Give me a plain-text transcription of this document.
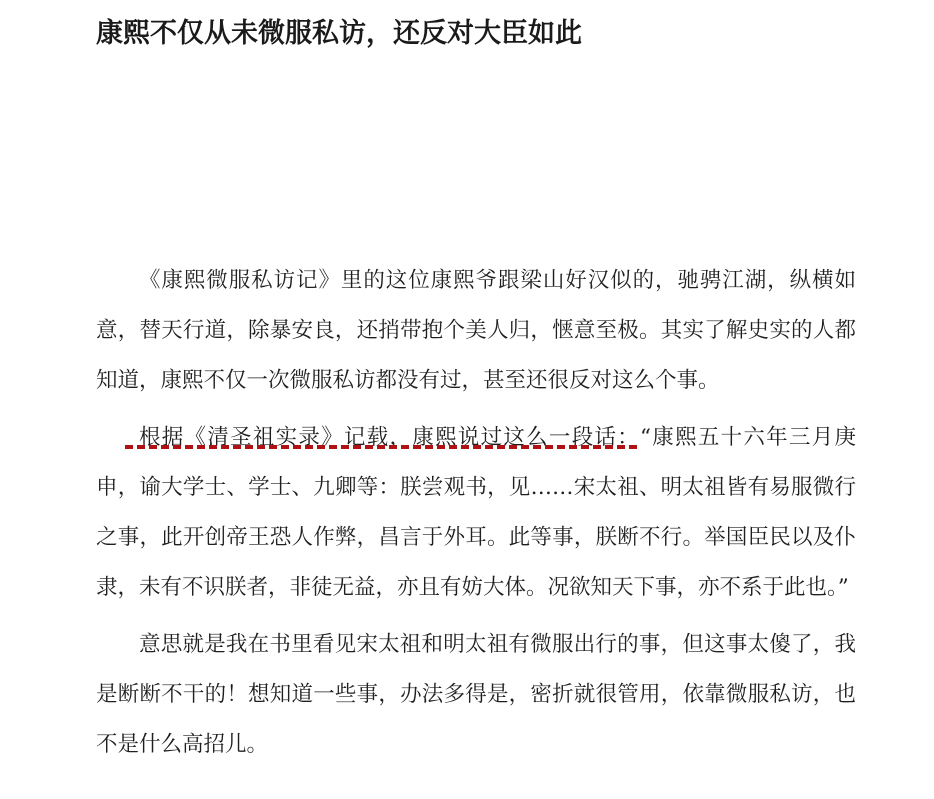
康熙不仅从未微服私访，还反对大臣如此

《康熙微服私访记》里的这位康熙爷跟梁山好汉似的，驰骋江湖，纵横如意，替天行道，除暴安良，还捎带抱个美人归，惬意至极。其实了解史实的人都知道，康熙不仅一次微服私访都没有过，甚至还很反对这么个事。

根据《清圣祖实录》记载，康熙说过这么一段话：“康熙五十六年三月庚申，谕大学士、学士、九卿等：朕尝观书，见……宋太祖、明太祖皆有易服微行之事，此开创帝王恐人作弊，昌言于外耳。此等事，朕断不行。举国臣民以及仆隶，未有不识朕者，非徒无益，亦且有妨大体。况欲知天下事，亦不系于此也。”

意思就是我在书里看见宋太祖和明太祖有微服出行的事，但这事太傻了，我是断断不干的！想知道一些事，办法多得是，密折就很管用，依靠微服私访，也不是什么高招儿。
